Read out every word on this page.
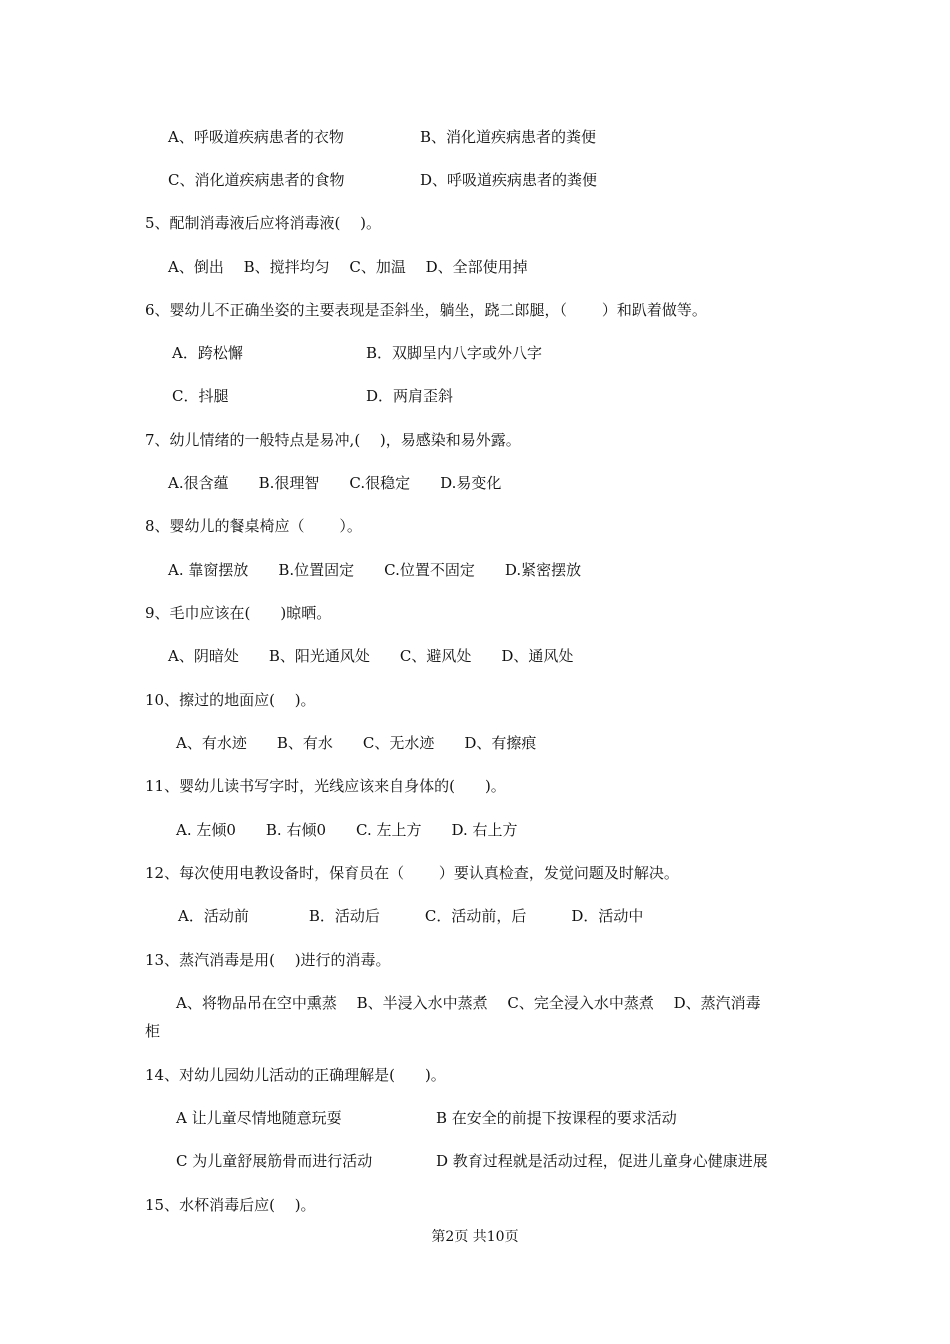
A、呼吸道疾病患者的衣物	B、消化道疾病患者的粪便
C、消化道疾病患者的食物	D、呼吸道疾病患者的粪便
5、配制消毒液后应将消毒液(　 )。
A、倒出　 B、搅拌均匀　 C、加温　 D、全部使用掉
6、婴幼儿不正确坐姿的主要表现是歪斜坐，躺坐，跷二郎腿，（　　 ）和趴着做等。
A．跨松懈	B．双脚呈内八字或外八字
C．抖腿	D．两肩歪斜
7、幼儿情绪的一般特点是易冲,(　 )，易感染和易外露。
A.很含蕴　　B.很理智　　C.很稳定　　D.易变化
8、婴幼儿的餐桌椅应（　　 ）。
A. 靠窗摆放　　B.位置固定　　C.位置不固定　　D.紧密摆放
9、毛巾应该在(　　)晾晒。
A、阴暗处　　B、阳光通风处　　C、避风处　　D、通风处
10、擦过的地面应(　 )。
A、有水迹　　B、有水　　C、无水迹　　D、有擦痕
11、婴幼儿读书写字时，光线应该来自身体的(　　)。
A. 左倾0　　B. 右倾0　　C. 左上方　　D. 右上方
12、每次使用电教设备时，保育员在（　　 ）要认真检查，发觉问题及时解决。
A．活动前　　　　B．活动后　　　C．活动前，后　　　D．活动中
13、蒸汽消毒是用(　 )进行的消毒。
A、将物品吊在空中熏蒸　 B、半浸入水中蒸煮　 C、完全浸入水中蒸煮　 D、蒸汽消毒
柜
14、对幼儿园幼儿活动的正确理解是(　　)。
A 让儿童尽情地随意玩耍	B 在安全的前提下按课程的要求活动
C 为儿童舒展筋骨而进行活动	D 教育过程就是活动过程，促进儿童身心健康进展
15、水杯消毒后应(　 )。
第2页 共10页
